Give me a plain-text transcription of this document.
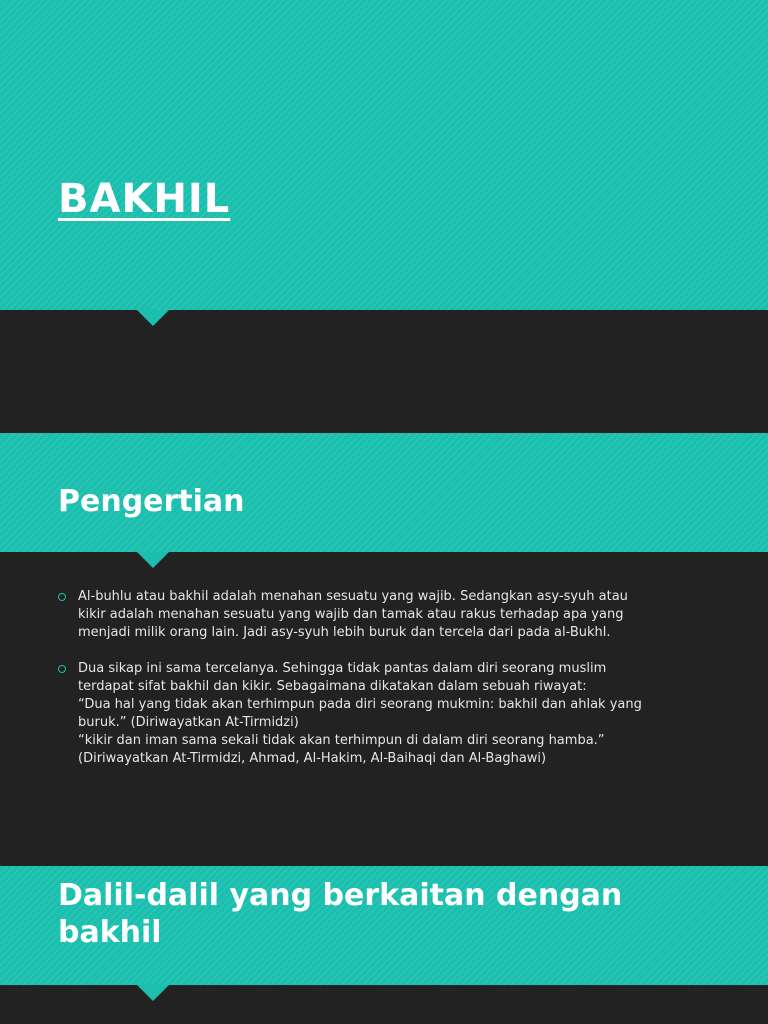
BAKHIL
Pengertian
Al-buhlu atau bakhil adalah menahan sesuatu yang wajib. Sedangkan asy-syuh atau
kikir adalah menahan sesuatu yang wajib dan tamak atau rakus terhadap apa yang
menjadi milik orang lain. Jadi asy-syuh lebih buruk dan tercela dari pada al-Bukhl.
Dua sikap ini sama tercelanya. Sehingga tidak pantas dalam diri seorang muslim
terdapat sifat bakhil dan kikir. Sebagaimana dikatakan dalam sebuah riwayat:
“Dua hal yang tidak akan terhimpun pada diri seorang mukmin: bakhil dan ahlak yang
buruk.” (Diriwayatkan At-Tirmidzi)
“kikir dan iman sama sekali tidak akan terhimpun di dalam diri seorang hamba.”
(Diriwayatkan At-Tirmidzi, Ahmad, Al-Hakim, Al-Baihaqi dan Al-Baghawi)
Dalil-dalil yang berkaitan dengan
bakhil
